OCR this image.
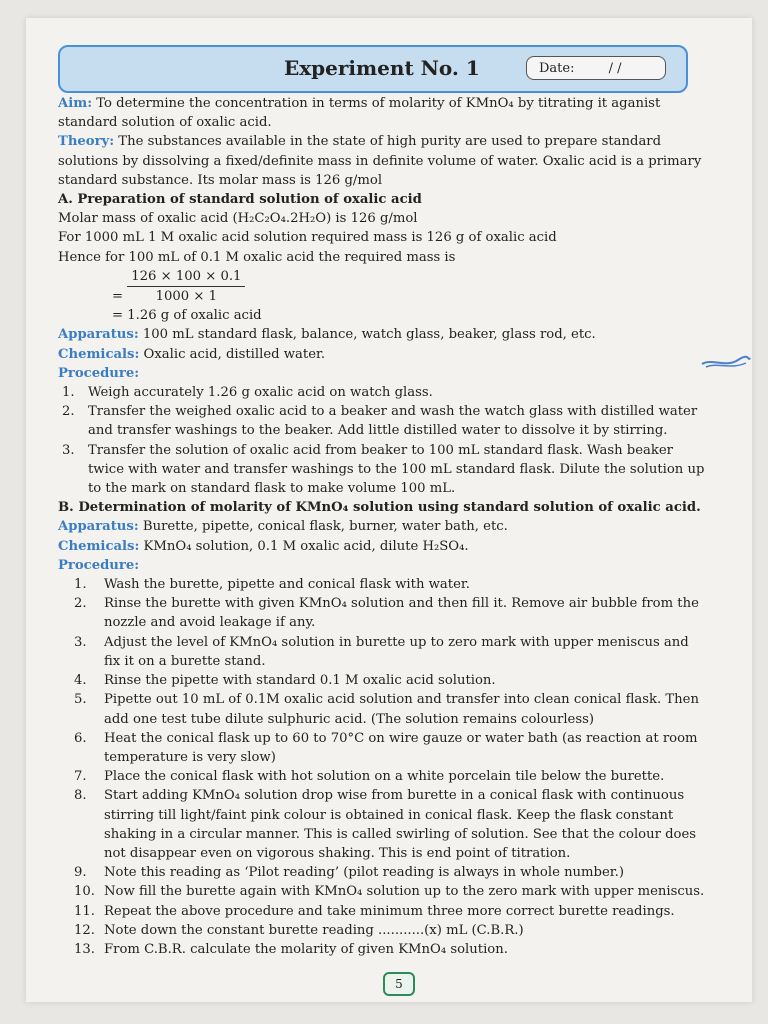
Experiment No. 1	Date:	/ /

Aim: To determine the concentration in terms of molarity of KMnO₄ by titrating it aganist standard solution of oxalic acid.

Theory: The substances available in the state of high purity are used to prepare standard solutions by dissolving a fixed/definite mass in definite volume of water. Oxalic acid is a primary standard substance. Its molar mass is 126 g/mol

A. Preparation of standard solution of oxalic acid

Molar mass of oxalic acid (H₂C₂O₄.2H₂O) is 126 g/mol

For 1000 mL 1 M oxalic acid solution required mass is 126 g of oxalic acid

Hence for 100 mL of 0.1 M oxalic acid the required mass is

= $\frac{126 \times 100 \times 0.1}{1000 \times 1}$

= 1.26 g of oxalic acid

Apparatus: 100 mL standard flask, balance, watch glass, beaker, glass rod, etc.

Chemicals: Oxalic acid, distilled water.

Procedure:

1. Weigh accurately 1.26 g oxalic acid on watch glass.
2. Transfer the weighed oxalic acid to a beaker and wash the watch glass with distilled water and transfer washings to the beaker. Add little distilled water to dissolve it by stirring.
3. Transfer the solution of oxalic acid from beaker to 100 mL standard flask. Wash beaker twice with water and transfer washings to the 100 mL standard flask. Dilute the solution up to the mark on standard flask to make volume 100 mL.

B. Determination of molarity of KMnO₄ solution using standard solution of oxalic acid.

Apparatus: Burette, pipette, conical flask, burner, water bath, etc.

Chemicals: KMnO₄ solution, 0.1 M oxalic acid, dilute H₂SO₄.

Procedure:

1. Wash the burette, pipette and conical flask with water.
2. Rinse the burette with given KMnO₄ solution and then fill it. Remove air bubble from the nozzle and avoid leakage if any.
3. Adjust the level of KMnO₄ solution in burette up to zero mark with upper meniscus and fix it on a burette stand.
4. Rinse the pipette with standard 0.1 M oxalic acid solution.
5. Pipette out 10 mL of 0.1M oxalic acid solution and transfer into clean conical flask. Then add one test tube dilute sulphuric acid. (The solution remains colourless)
6. Heat the conical flask up to 60 to 70°C on wire gauze or water bath (as reaction at room temperature is very slow)
7. Place the conical flask with hot solution on a white porcelain tile below the burette.
8. Start adding KMnO₄ solution drop wise from burette in a conical flask with continuous stirring till light/faint pink colour is obtained in conical flask. Keep the flask constant shaking in a circular manner. This is called swirling of solution. See that the colour does not disappear even on vigorous shaking. This is end point of titration.
9. Note this reading as ‘Pilot reading’ (pilot reading is always in whole number.)
10. Now fill the burette again with KMnO₄ solution up to the zero mark with upper meniscus.
11. Repeat the above procedure and take minimum three more correct burette readings.
12. Note down the constant burette reading ...........(x) mL (C.B.R.)
13. From C.B.R. calculate the molarity of given KMnO₄ solution.
5
